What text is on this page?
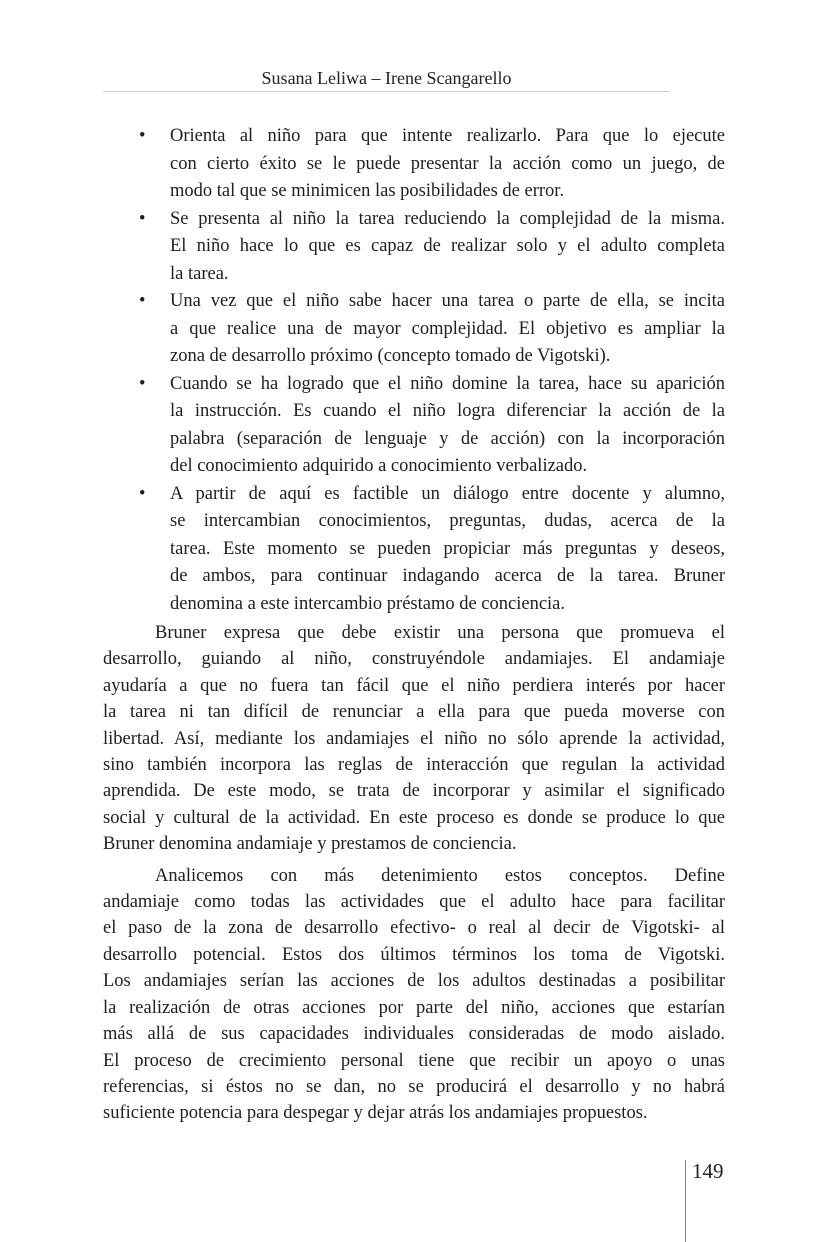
Susana Leliwa – Irene Scangarello
• Orienta al niño para que intente realizarlo. Para que lo ejecute
con cierto éxito se le puede presentar la acción como un juego, de
modo tal que se minimicen las posibilidades de error.
• Se presenta al niño la tarea reduciendo la complejidad de la misma.
El niño hace lo que es capaz de realizar solo y el adulto completa
la tarea.
• Una vez que el niño sabe hacer una tarea o parte de ella, se incita
a que realice una de mayor complejidad. El objetivo es ampliar la
zona de desarrollo próximo (concepto tomado de Vigotski).
• Cuando se ha logrado que el niño domine la tarea, hace su aparición
la instrucción. Es cuando el niño logra diferenciar la acción de la
palabra (separación de lenguaje y de acción) con la incorporación
del conocimiento adquirido a conocimiento verbalizado.
• A partir de aquí es factible un diálogo entre docente y alumno,
se intercambian conocimientos, preguntas, dudas, acerca de la
tarea. Este momento se pueden propiciar más preguntas y deseos,
de ambos, para continuar indagando acerca de la tarea. Bruner
denomina a este intercambio préstamo de conciencia.
Bruner expresa que debe existir una persona que promueva el
desarrollo, guiando al niño, construyéndole andamiajes. El andamiaje
ayudaría a que no fuera tan fácil que el niño perdiera interés por hacer
la tarea ni tan difícil de renunciar a ella para que pueda moverse con
libertad. Así, mediante los andamiajes el niño no sólo aprende la actividad,
sino también incorpora las reglas de interacción que regulan la actividad
aprendida. De este modo, se trata de incorporar y asimilar el significado
social y cultural de la actividad. En este proceso es donde se produce lo que
Bruner denomina andamiaje y prestamos de conciencia.
Analicemos con más detenimiento estos conceptos. Define
andamiaje como todas las actividades que el adulto hace para facilitar
el paso de la zona de desarrollo efectivo- o real al decir de Vigotski- al
desarrollo potencial. Estos dos últimos términos los toma de Vigotski.
Los andamiajes serían las acciones de los adultos destinadas a posibilitar
la realización de otras acciones por parte del niño, acciones que estarían
más allá de sus capacidades individuales consideradas de modo aislado.
El proceso de crecimiento personal tiene que recibir un apoyo o unas
referencias, si éstos no se dan, no se producirá el desarrollo y no habrá
suficiente potencia para despegar y dejar atrás los andamiajes propuestos.
149
